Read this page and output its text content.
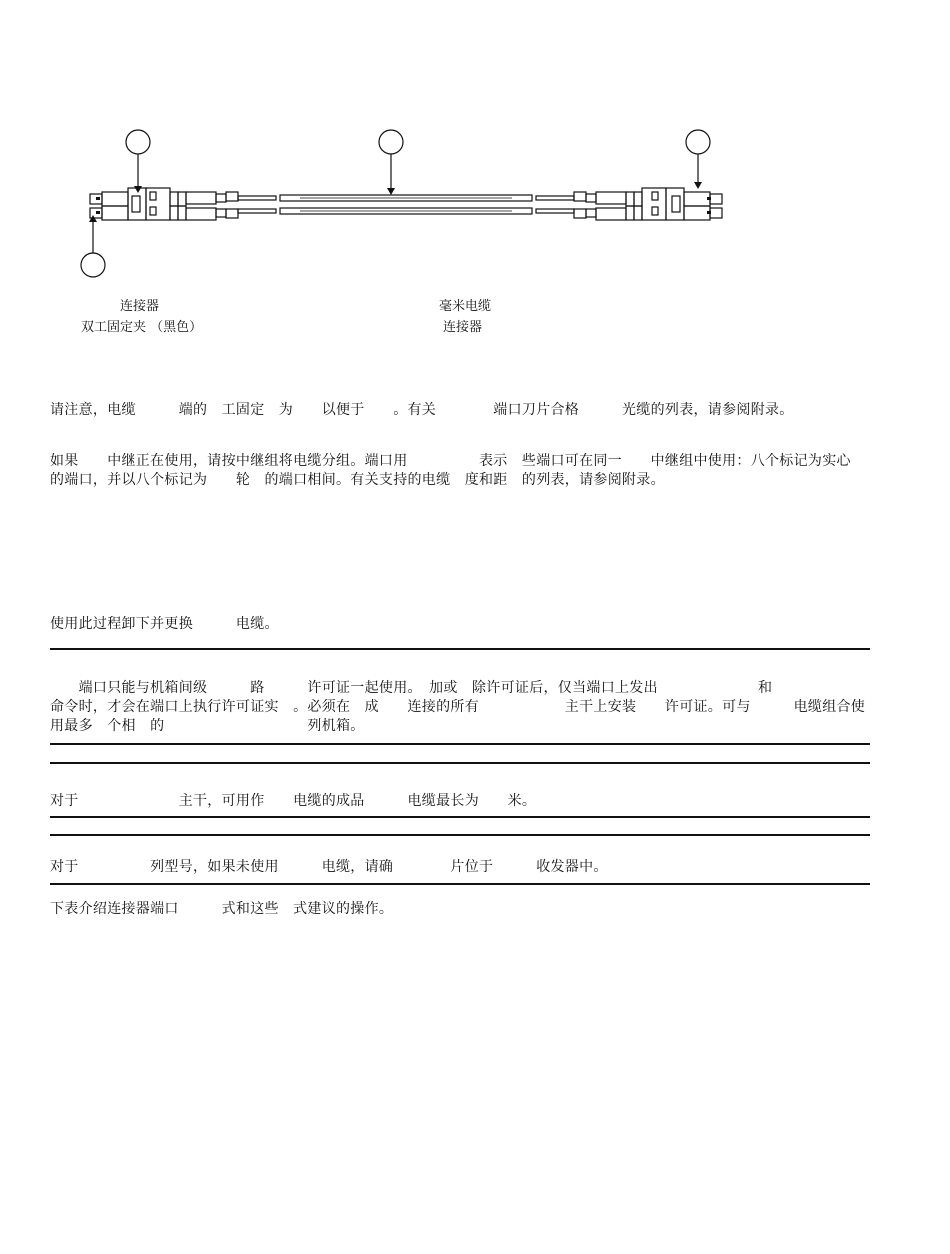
连接器
双工固定夹 （黑色）
毫米电缆
连接器
请注意，电缆　　　端的　工固定　为　　以便于　　。有关　　　　端口刀片合格　　　光缆的列表，请参阅附录。
如果　　中继正在使用，请按中继组将电缆分组。端口用　　　　　表示　些端口可在同一　　中继组中使用：八个标记为实心　　　　　的端口，并以八个标记为　　轮　的端口相间。有关支持的电缆　度和距　的列表，请参阅附录。
使用此过程卸下并更换　　　电缆。
　　端口只能与机箱间级　　　路　　　许可证一起使用。　加或　除许可证后，仅当端口上发出　　　　　　　和　　　　　　命令时，才会在端口上执行许可证实　。必须在　成　　连接的所有　　　　　　主干上安装　　许可证。可与　　　电缆组合使用最多　个相　的　　　　　　　　　　列机箱。
对于　　　　　　　主干，可用作　　电缆的成品　　　电缆最长为　　米。
对于　　　　　列型号，如果未使用　　　电缆，请确　　　　片位于　　　收发器中。
下表介绍连接器端口　　　式和这些　式建议的操作。
